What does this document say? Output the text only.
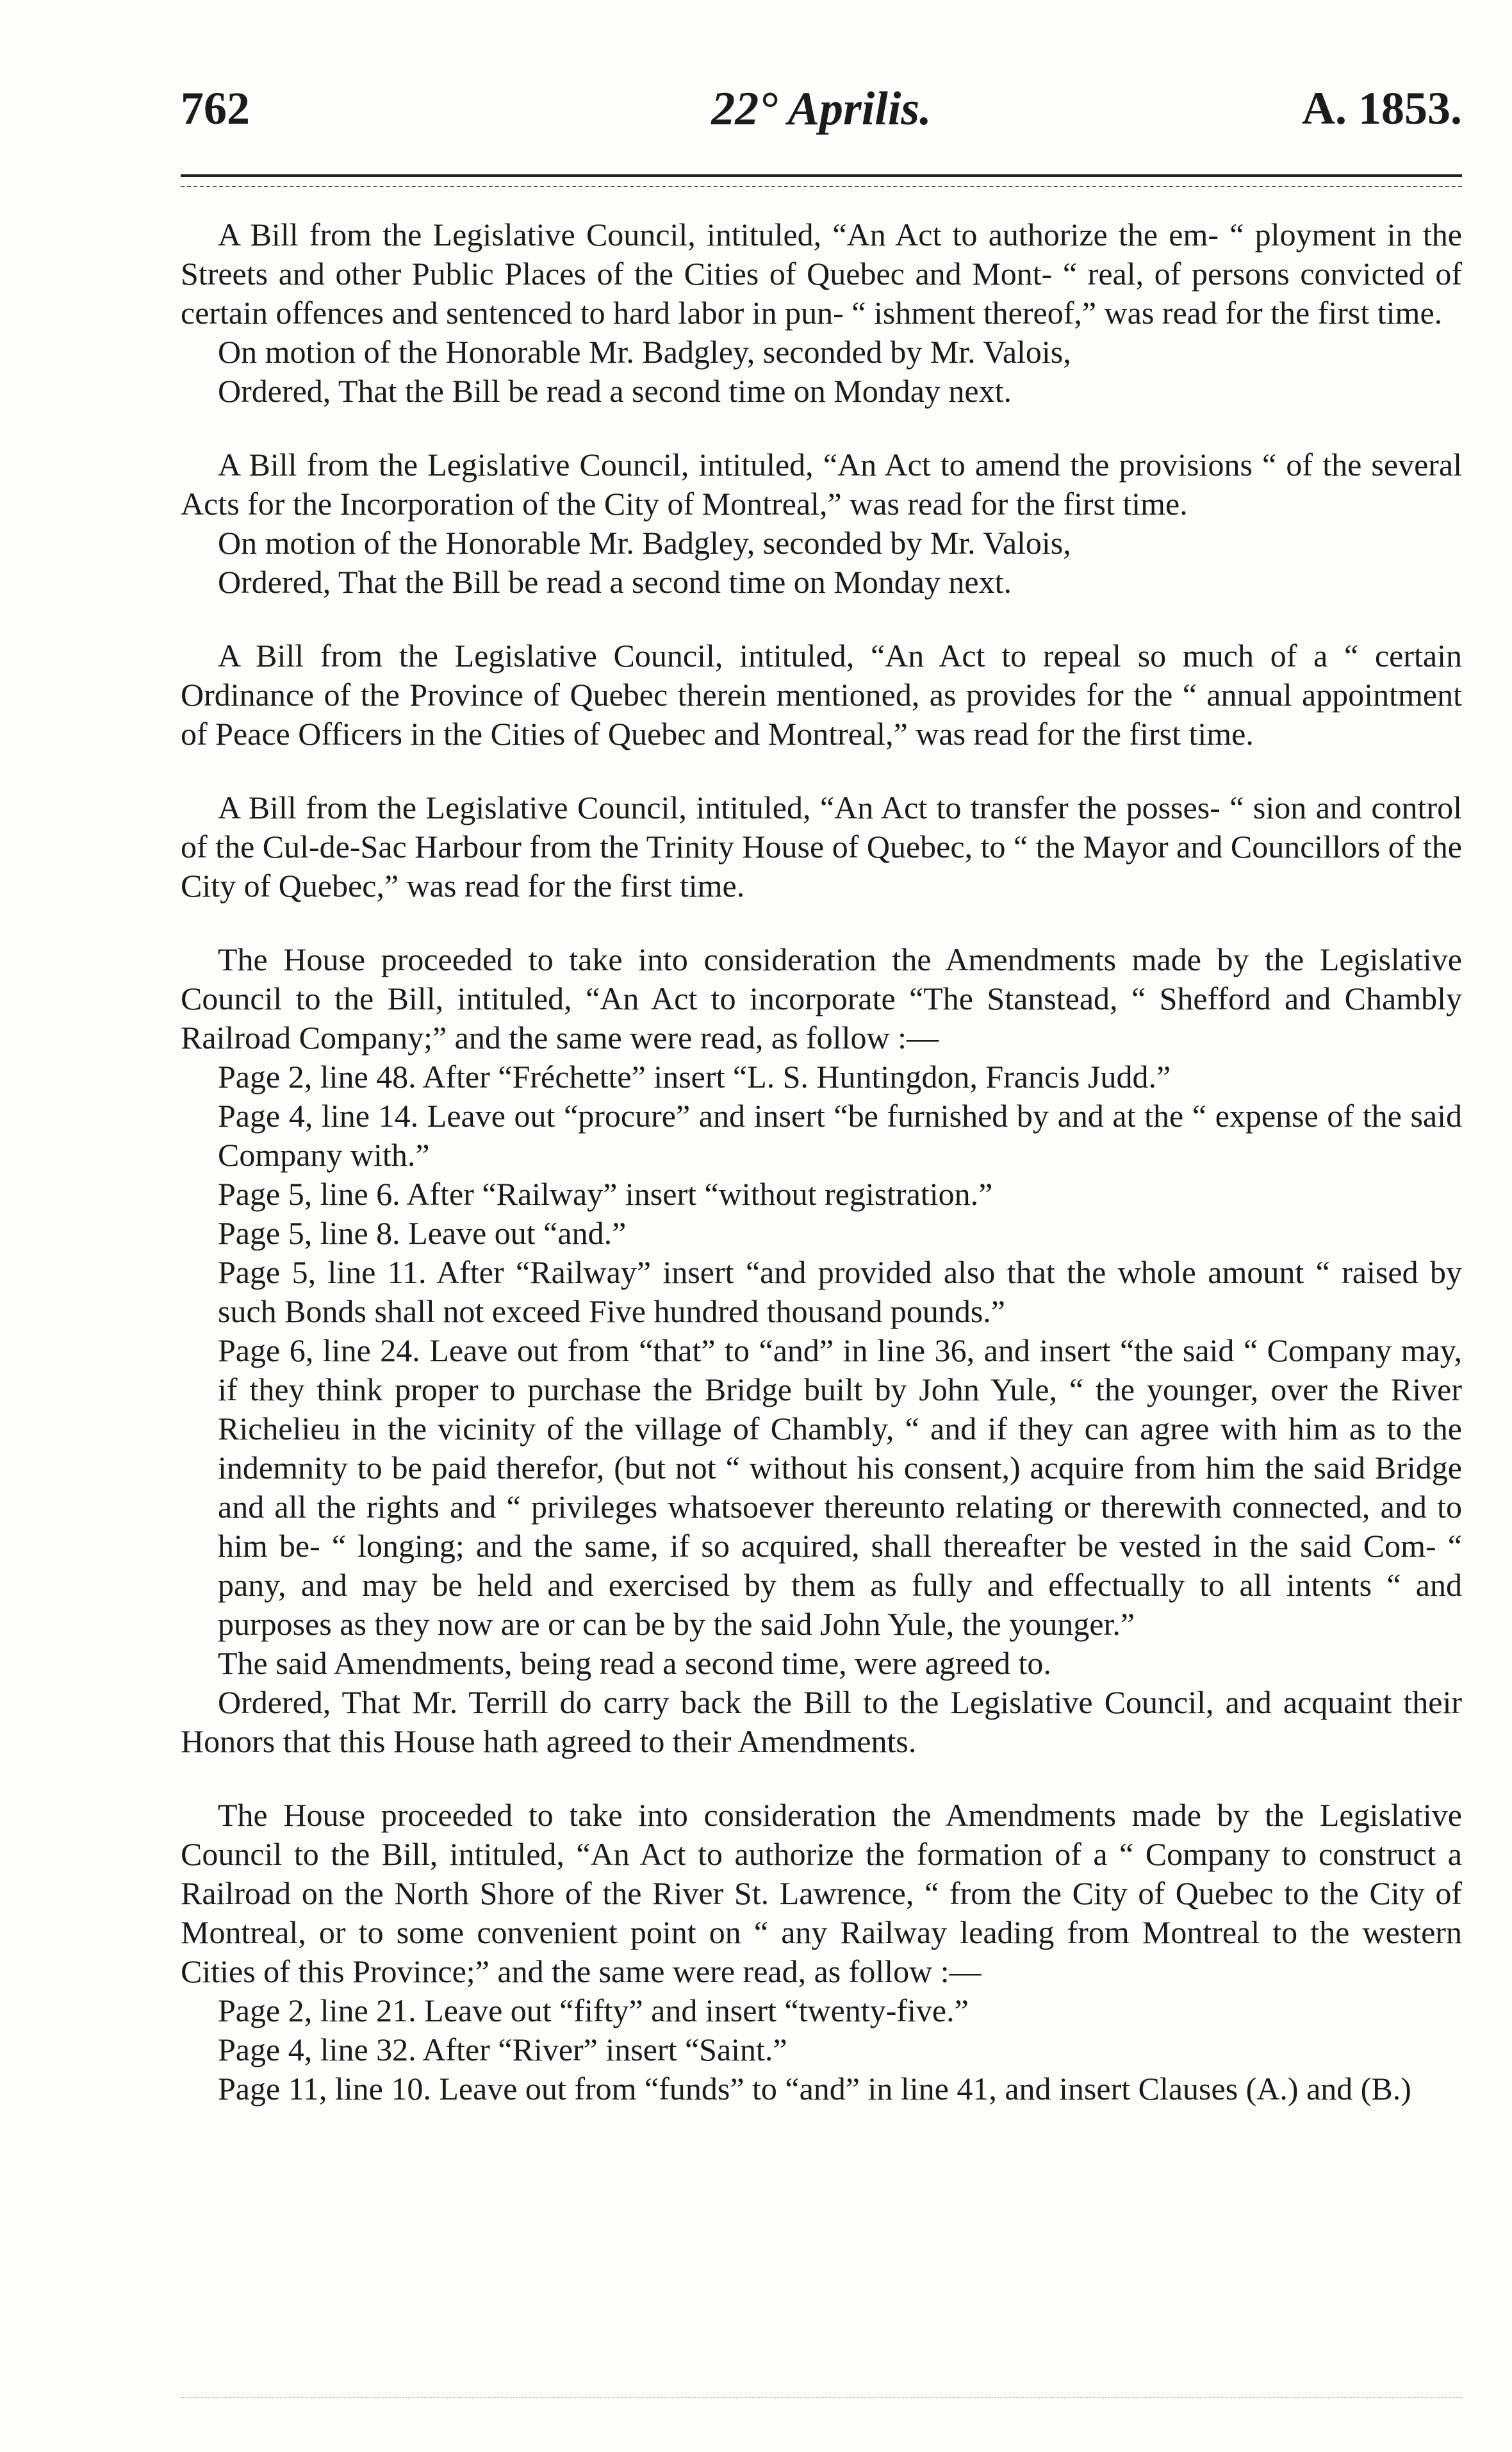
762	22° Aprilis.	A. 1853.

A Bill from the Legislative Council, intituled, “An Act to authorize the em- “ ployment in the Streets and other Public Places of the Cities of Quebec and Mont- “ real, of persons convicted of certain offences and sentenced to hard labor in pun- “ ishment thereof,” was read for the first time.

On motion of the Honorable Mr. Badgley, seconded by Mr. Valois,

Ordered, That the Bill be read a second time on Monday next.

A Bill from the Legislative Council, intituled, “An Act to amend the provisions “ of the several Acts for the Incorporation of the City of Montreal,” was read for the first time.

On motion of the Honorable Mr. Badgley, seconded by Mr. Valois,

Ordered, That the Bill be read a second time on Monday next.

A Bill from the Legislative Council, intituled, “An Act to repeal so much of a “ certain Ordinance of the Province of Quebec therein mentioned, as provides for the “ annual appointment of Peace Officers in the Cities of Quebec and Montreal,” was read for the first time.

A Bill from the Legislative Council, intituled, “An Act to transfer the posses- “ sion and control of the Cul-de-Sac Harbour from the Trinity House of Quebec, to “ the Mayor and Councillors of the City of Quebec,” was read for the first time.

The House proceeded to take into consideration the Amendments made by the Legislative Council to the Bill, intituled, “An Act to incorporate “The Stanstead, “ Shefford and Chambly Railroad Company;” and the same were read, as follow :—

Page 2, line 48. After “Fréchette” insert “L. S. Huntingdon, Francis Judd.”

Page 4, line 14. Leave out “procure” and insert “be furnished by and at the “ expense of the said Company with.”

Page 5, line 6. After “Railway” insert “without registration.”

Page 5, line 8. Leave out “and.”

Page 5, line 11. After “Railway” insert “and provided also that the whole amount “ raised by such Bonds shall not exceed Five hundred thousand pounds.”

Page 6, line 24. Leave out from “that” to “and” in line 36, and insert “the said “ Company may, if they think proper to purchase the Bridge built by John Yule, “ the younger, over the River Richelieu in the vicinity of the village of Chambly, “ and if they can agree with him as to the indemnity to be paid therefor, (but not “ without his consent,) acquire from him the said Bridge and all the rights and “ privileges whatsoever thereunto relating or therewith connected, and to him be- “ longing; and the same, if so acquired, shall thereafter be vested in the said Com- “ pany, and may be held and exercised by them as fully and effectually to all intents “ and purposes as they now are or can be by the said John Yule, the younger.”

The said Amendments, being read a second time, were agreed to.

Ordered, That Mr. Terrill do carry back the Bill to the Legislative Council, and acquaint their Honors that this House hath agreed to their Amendments.

The House proceeded to take into consideration the Amendments made by the Legislative Council to the Bill, intituled, “An Act to authorize the formation of a “ Company to construct a Railroad on the North Shore of the River St. Lawrence, “ from the City of Quebec to the City of Montreal, or to some convenient point on “ any Railway leading from Montreal to the western Cities of this Province;” and the same were read, as follow :—

Page 2, line 21. Leave out “fifty” and insert “twenty-five.”

Page 4, line 32. After “River” insert “Saint.”

Page 11, line 10. Leave out from “funds” to “and” in line 41, and insert Clauses (A.) and (B.)
